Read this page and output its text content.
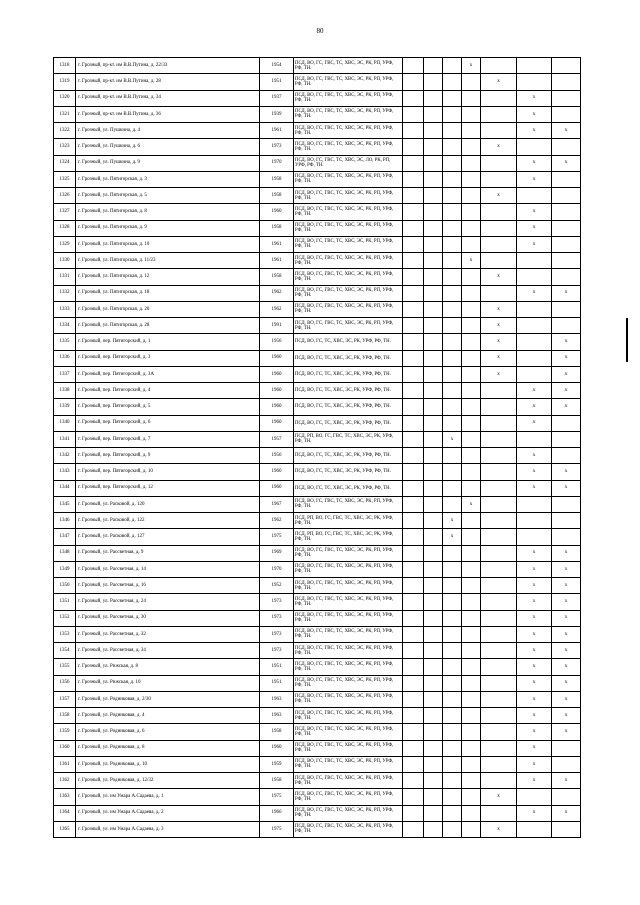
80
1318	г. Грозный, пр-кт. им В.В.Путина, д. 22/33	1954	ПСД, ВО, ГС, ГВС, ТС, ХВС, ЭС, РК, РП, УРФ, РФ, ТН.				x			
1319	г. Грозный, пр-кт. им В.В.Путина, д. 28	1951	ПСД, ВО, ГС, ГВС, ТС, ХВС, ЭС, РК, РП, УРФ, РФ, ТН.					x		
1320	г. Грозный, пр-кт. им В.В.Путина, д. 34	1937	ПСД, ВО, ГС, ГВС, ТС, ХВС, ЭС, РК, РП, УРФ, РФ, ТН.						x	
1321	г. Грозный, пр-кт. им В.В.Путина, д. 36	1939	ПСД, ВО, ГС, ГВС, ТС, ХВС, ЭС, РК, РП, УРФ, РФ, ТН.						x	
1322	г. Грозный, ул. Пушкина, д. 4	1961	ПСД, ВО, ГС, ГВС, ТС, ХВС, ЭС, РК, РП, УРФ, РФ, ТН.						x	x
1323	г. Грозный, ул. Пушкина, д. 6	1973	ПСД, ВО, ГС, ГВС, ТС, ХВС, ЭС, РК, РП, УРФ, РФ, ТН.					x		
1324	г. Грозный, ул. Пушкина, д. 9	1970	ПСД, ВО, ГС, ГВС, ТС, ХВС, ЭС, ЛО, РК, РП, УРФ, РФ, ТН.						x	x
1325	г. Грозный, ул. Пятигорская, д. 3	1958	ПСД, ВО, ГС, ГВС, ТС, ХВС, ЭС, РК, РП, УРФ, РФ, ТН.						x	
1326	г. Грозный, ул. Пятигорская, д. 5	1958	ПСД, ВО, ГС, ГВС, ТС, ХВС, ЭС, РК, РП, УРФ, РФ, ТН.					x		
1327	г. Грозный, ул. Пятигорская, д. 8	1960	ПСД, ВО, ГС, ГВС, ТС, ХВС, ЭС, РК, РП, УРФ, РФ, ТН.						x	
1328	г. Грозный, ул. Пятигорская, д. 9	1958	ПСД, ВО, ГС, ГВС, ТС, ХВС, ЭС, РК, РП, УРФ, РФ, ТН.						x	
1329	г. Грозный, ул. Пятигорская, д. 10	1961	ПСД, ВО, ГС, ГВС, ТС, ХВС, ЭС, РК, РП, УРФ, РФ, ТН.						x	
1330	г. Грозный, ул. Пятигорская, д. 11/23	1961	ПСД, ВО, ГС, ГВС, ТС, ХВС, ЭС, РК, РП, УРФ, РФ, ТН.				x			
1331	г. Грозный, ул. Пятигорская, д. 12	1958	ПСД, ВО, ГС, ГВС, ТС, ХВС, ЭС, РК, РП, УРФ, РФ, ТН.					x		
1332	г. Грозный, ул. Пятигорская, д. 18	1962	ПСД, ВО, ГС, ГВС, ТС, ХВС, ЭС, РК, РП, УРФ, РФ, ТН.						x	x
1333	г. Грозный, ул. Пятигорская, д. 20	1962	ПСД, ВО, ГС, ГВС, ТС, ХВС, ЭС, РК, РП, УРФ, РФ, ТН.					x		
1334	г. Грозный, ул. Пятигорская, д. 28	1991	ПСД, ВО, ГС, ГВС, ТС, ХВС, ЭС, РК, РП, УРФ, РФ, ТН.					x		
1335	г. Грозный, пер. Пятигорский, д. 1	1956	ПСД, ВО, ГС, ТС, ХВС, ЭС, РК, УРФ, РФ, ТН.					x		x
1336	г. Грозный, пер. Пятигорский, д. 3	1960	ПСД, ВО, ГС, ТС, ХВС, ЭС, РК, УРФ, РФ, ТН.					x		x
1337	г. Грозный, пер. Пятигорский, д. 3А	1960	ПСД, ВО, ГС, ТС, ХВС, ЭС, РК, УРФ, РФ, ТН.					x		x
1338	г. Грозный, пер. Пятигорский, д. 4	1960	ПСД, ВО, ГС, ТС, ХВС, ЭС, РК, УРФ, РФ, ТН.						x	x
1339	г. Грозный, пер. Пятигорский, д. 5	1960	ПСД, ВО, ГС, ТС, ХВС, ЭС, РК, УРФ, РФ, ТН.						x	x
1340	г. Грозный, пер. Пятигорский, д. 6	1960	ПСД, ВО, ГС, ТС, ХВС, ЭС, РК, УРФ, РФ, ТН.						x	
1341	г. Грозный, пер. Пятигорский, д. 7	1957	ПСД, РП, ВО, ГС, ГВС, ТС, ХВС, ЭС, РК, УРФ, РФ, ТН.			x				
1342	г. Грозный, пер. Пятигорский, д. 9	1956	ПСД, ВО, ГС, ТС, ХВС, ЭС, РК, УРФ, РФ, ТН.						x	
1343	г. Грозный, пер. Пятигорский, д. 10	1960	ПСД, ВО, ГС, ТС, ХВС, ЭС, РК, УРФ, РФ, ТН.						x	x
1344	г. Грозный, пер. Пятигорский, д. 12	1960	ПСД, ВО, ГС, ТС, ХВС, ЭС, РК, УРФ, РФ, ТН.						x	x
1345	г. Грозный, ул. Расковой, д. 120	1967	ПСД, ВО, ГС, ГВС, ТС, ХВС, ЭС, РК, РП, УРФ, РФ, ТН.				x			
1346	г. Грозный, ул. Расковой, д. 122	1962	ПСД, РП, ВО, ГС, ГВС, ТС, ХВС, ЭС, РК, УРФ, РФ, ТН.			x				
1347	г. Грозный, ул. Расковой, д. 127	1975	ПСД, РП, ВО, ГС, ГВС, ТС, ХВС, ЭС, РК, УРФ, РФ, ТН.			x				
1348	г. Грозный, ул. Рассветная, д. 9	1969	ПСД, ВО, ГС, ГВС, ТС, ХВС, ЭС, РК, РП, УРФ, РФ, ТН.						x	x
1349	г. Грозный, ул. Рассветная, д. 14	1970	ПСД, ВО, ГС, ГВС, ТС, ХВС, ЭС, РК, РП, УРФ, РФ, ТН.						x	x
1350	г. Грозный, ул. Рассветная, д. 16	1952	ПСД, ВО, ГС, ГВС, ТС, ХВС, ЭС, РК, РП, УРФ, РФ, ТН.						x	x
1351	г. Грозный, ул. Рассветная, д. 24	1973	ПСД, ВО, ГС, ГВС, ТС, ХВС, ЭС, РК, РП, УРФ, РФ, ТН.						x	x
1352	г. Грозный, ул. Рассветная, д. 30	1973	ПСД, ВО, ГС, ГВС, ТС, ХВС, ЭС, РК, РП, УРФ, РФ, ТН.						x	x
1353	г. Грозный, ул. Рассветная, д. 32	1973	ПСД, ВО, ГС, ГВС, ТС, ХВС, ЭС, РК, РП, УРФ, РФ, ТН.						x	x
1354	г. Грозный, ул. Рассветная, д. 34	1973	ПСД, ВО, ГС, ГВС, ТС, ХВС, ЭС, РК, РП, УРФ, РФ, ТН.						x	x
1355	г. Грозный, ул. Рижская, д. 8	1951	ПСД, ВО, ГС, ГВС, ТС, ХВС, ЭС, РК, РП, УРФ, РФ, ТН.						x	x
1356	г. Грозный, ул. Рижская, д. 10	1951	ПСД, ВО, ГС, ГВС, ТС, ХВС, ЭС, РК, РП, УРФ, РФ, ТН.						x	x
1357	г. Грозный, ул. Родниковая, д. 2/30	1963	ПСД, ВО, ГС, ГВС, ТС, ХВС, ЭС, РК, РП, УРФ, РФ, ТН.						x	x
1358	г. Грозный, ул. Родниковая, д. 4	1963	ПСД, ВО, ГС, ГВС, ТС, ХВС, ЭС, РК, РП, УРФ, РФ, ТН.						x	x
1359	г. Грозный, ул. Родниковая, д. 6	1958	ПСД, ВО, ГС, ГВС, ТС, ХВС, ЭС, РК, РП, УРФ, РФ, ТН.						x	x
1360	г. Грозный, ул. Родниковая, д. 8	1960	ПСД, ВО, ГС, ГВС, ТС, ХВС, ЭС, РК, РП, УРФ, РФ, ТН.						x	
1361	г. Грозный, ул. Родниковая, д. 10	1959	ПСД, ВО, ГС, ГВС, ТС, ХВС, ЭС, РК, РП, УРФ, РФ, ТН.						x	
1362	г. Грозный, ул. Родниковая, д. 12/32	1958	ПСД, ВО, ГС, ГВС, ТС, ХВС, ЭС, РК, РП, УРФ, РФ, ТН.						x	x
1363	г. Грозный, ул. им Умара А.Садаева, д. 1	1975	ПСД, ВО, ГС, ГВС, ТС, ХВС, ЭС, РК, РП, УРФ, РФ, ТН.					x		
1364	г. Грозный, ул. им Умара А.Садаева, д. 2	1966	ПСД, ВО, ГС, ГВС, ТС, ХВС, ЭС, РК, РП, УРФ, РФ, ТН.						x	x
1365	г. Грозный, ул. им Умара А.Садаева, д. 3	1975	ПСД, ВО, ГС, ГВС, ТС, ХВС, ЭС, РК, РП, УРФ, РФ, ТН.					x		
